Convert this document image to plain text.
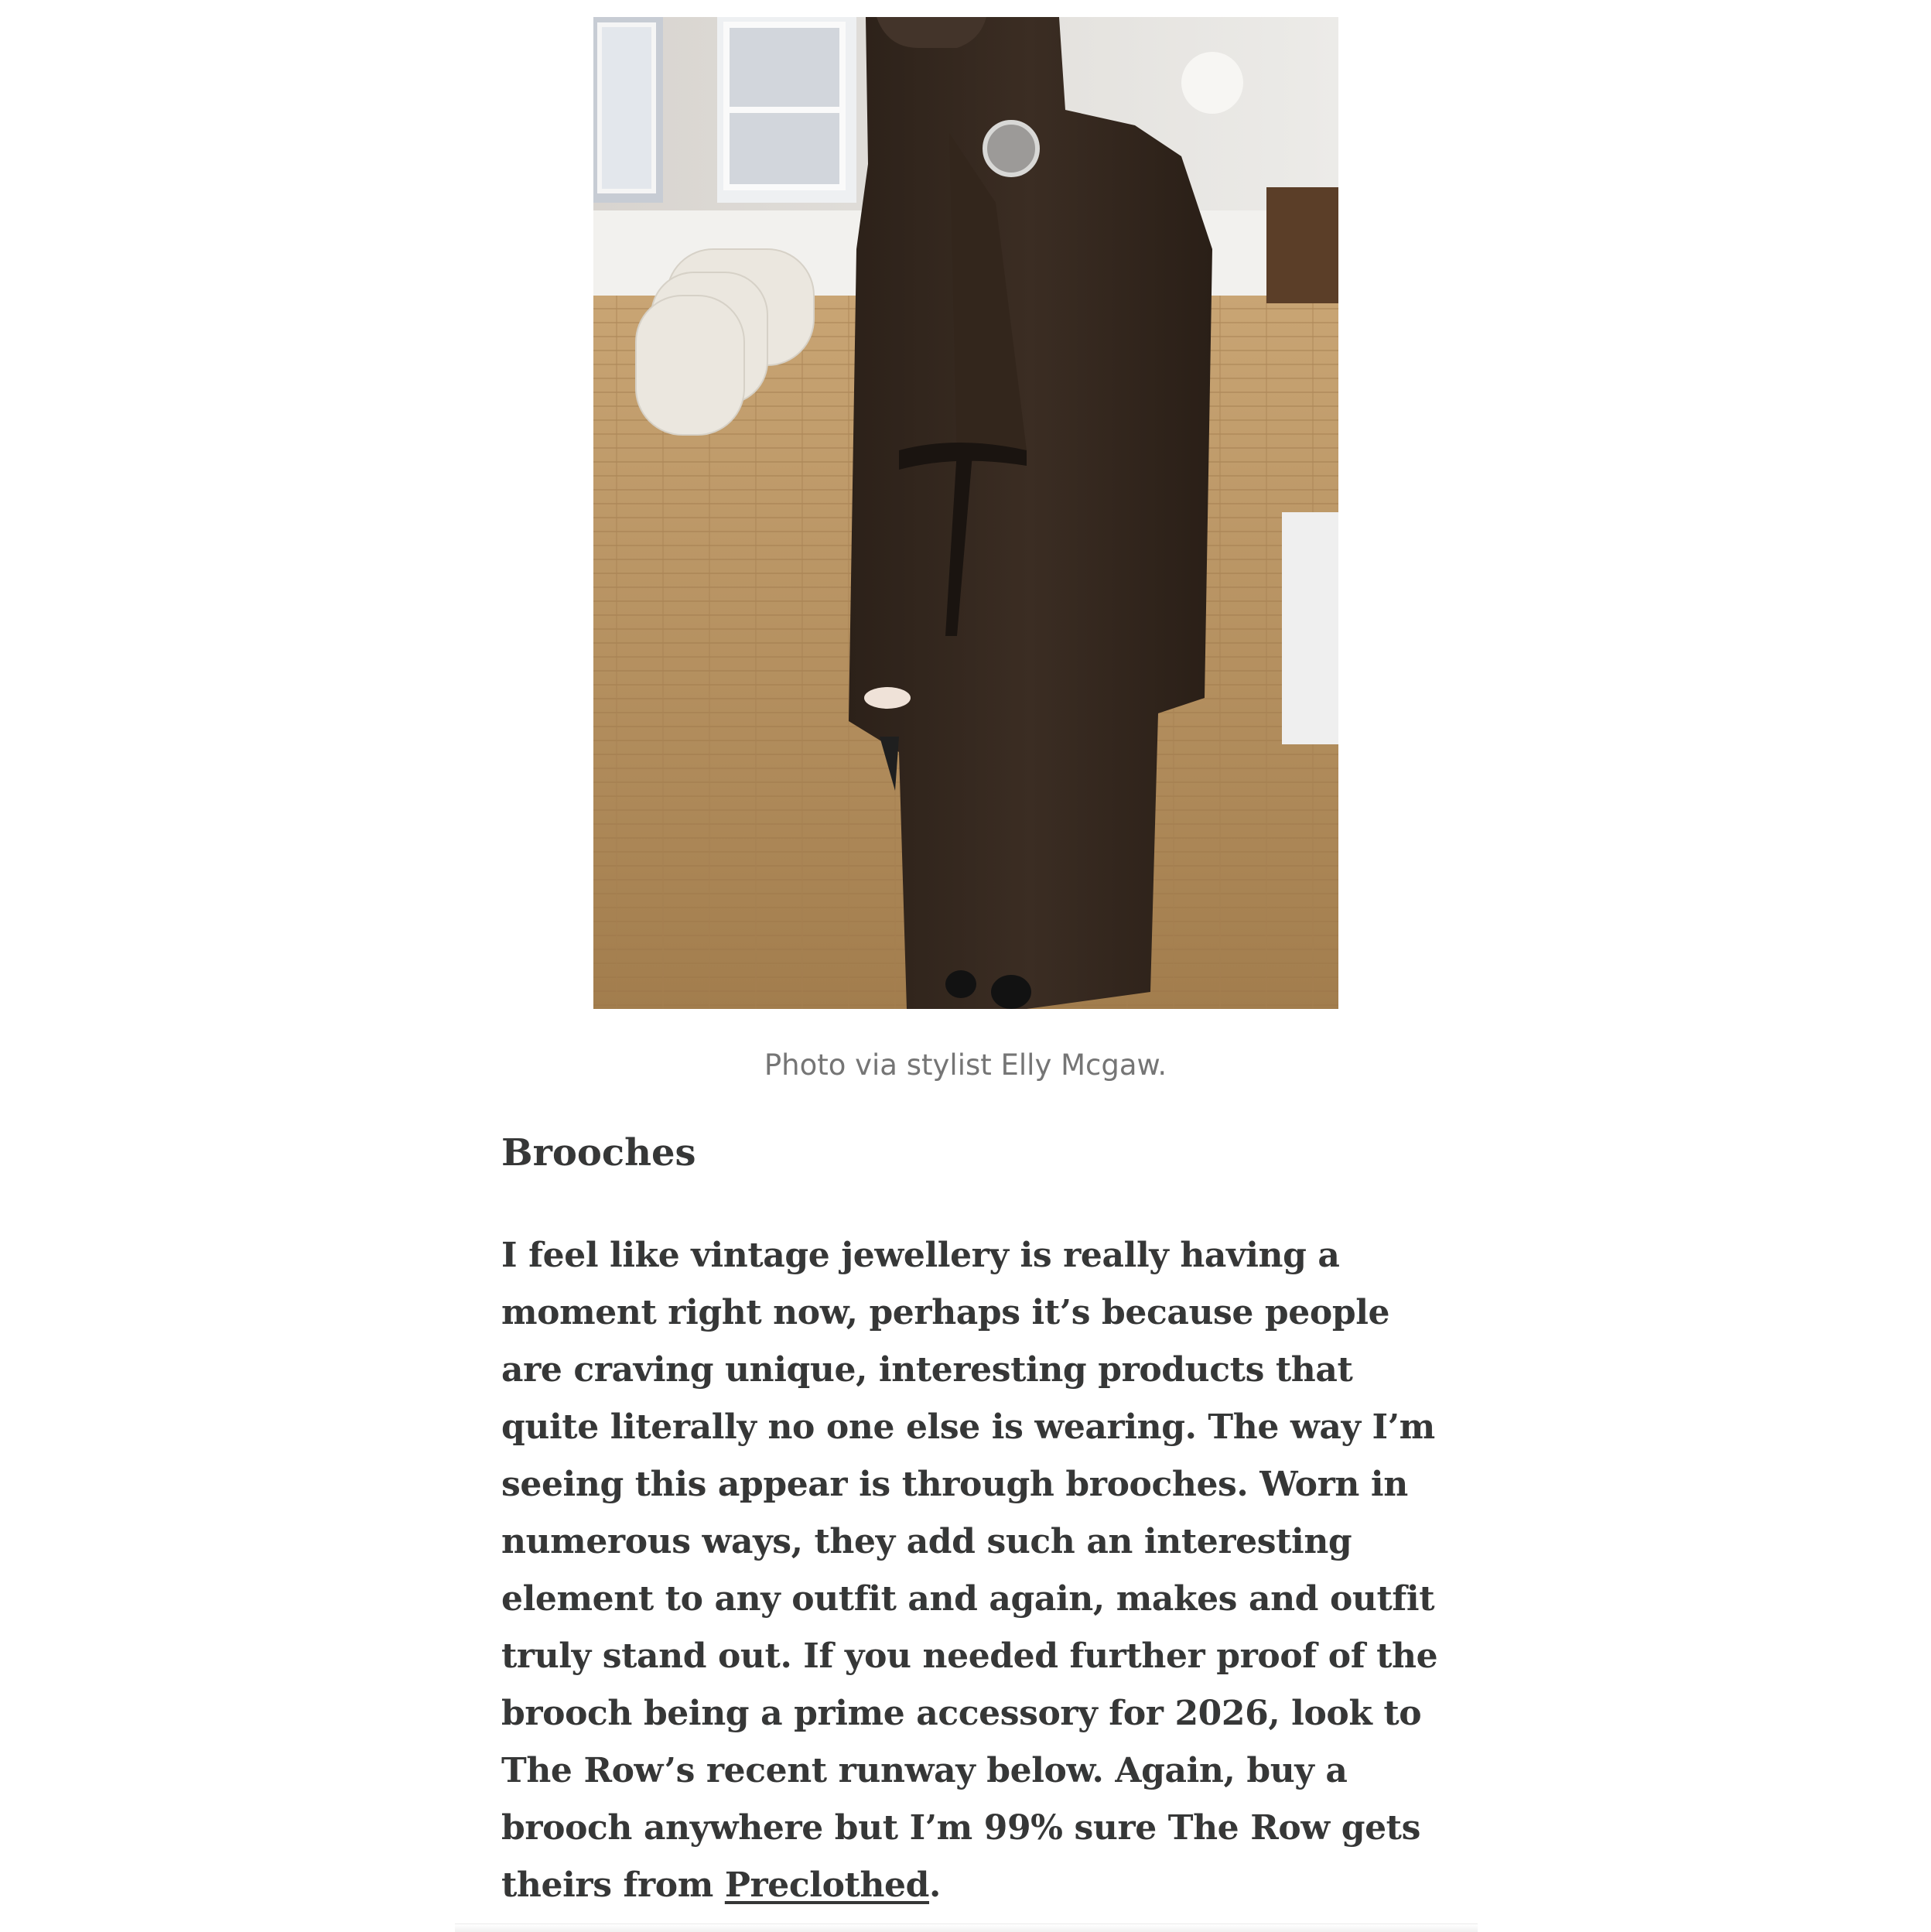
Photo via stylist Elly Mcgaw.
Brooches

I feel like vintage jewellery is really having a moment right now, perhaps it’s because people are craving unique, interesting products that quite literally no one else is wearing. The way I’m seeing this appear is through brooches. Worn in numerous ways, they add such an interesting element to any outfit and again, makes and outfit truly stand out. If you needed further proof of the brooch being a prime accessory for 2026, look to The Row’s recent runway below. Again, buy a brooch anywhere but I’m 99% sure The Row gets theirs from Preclothed.
